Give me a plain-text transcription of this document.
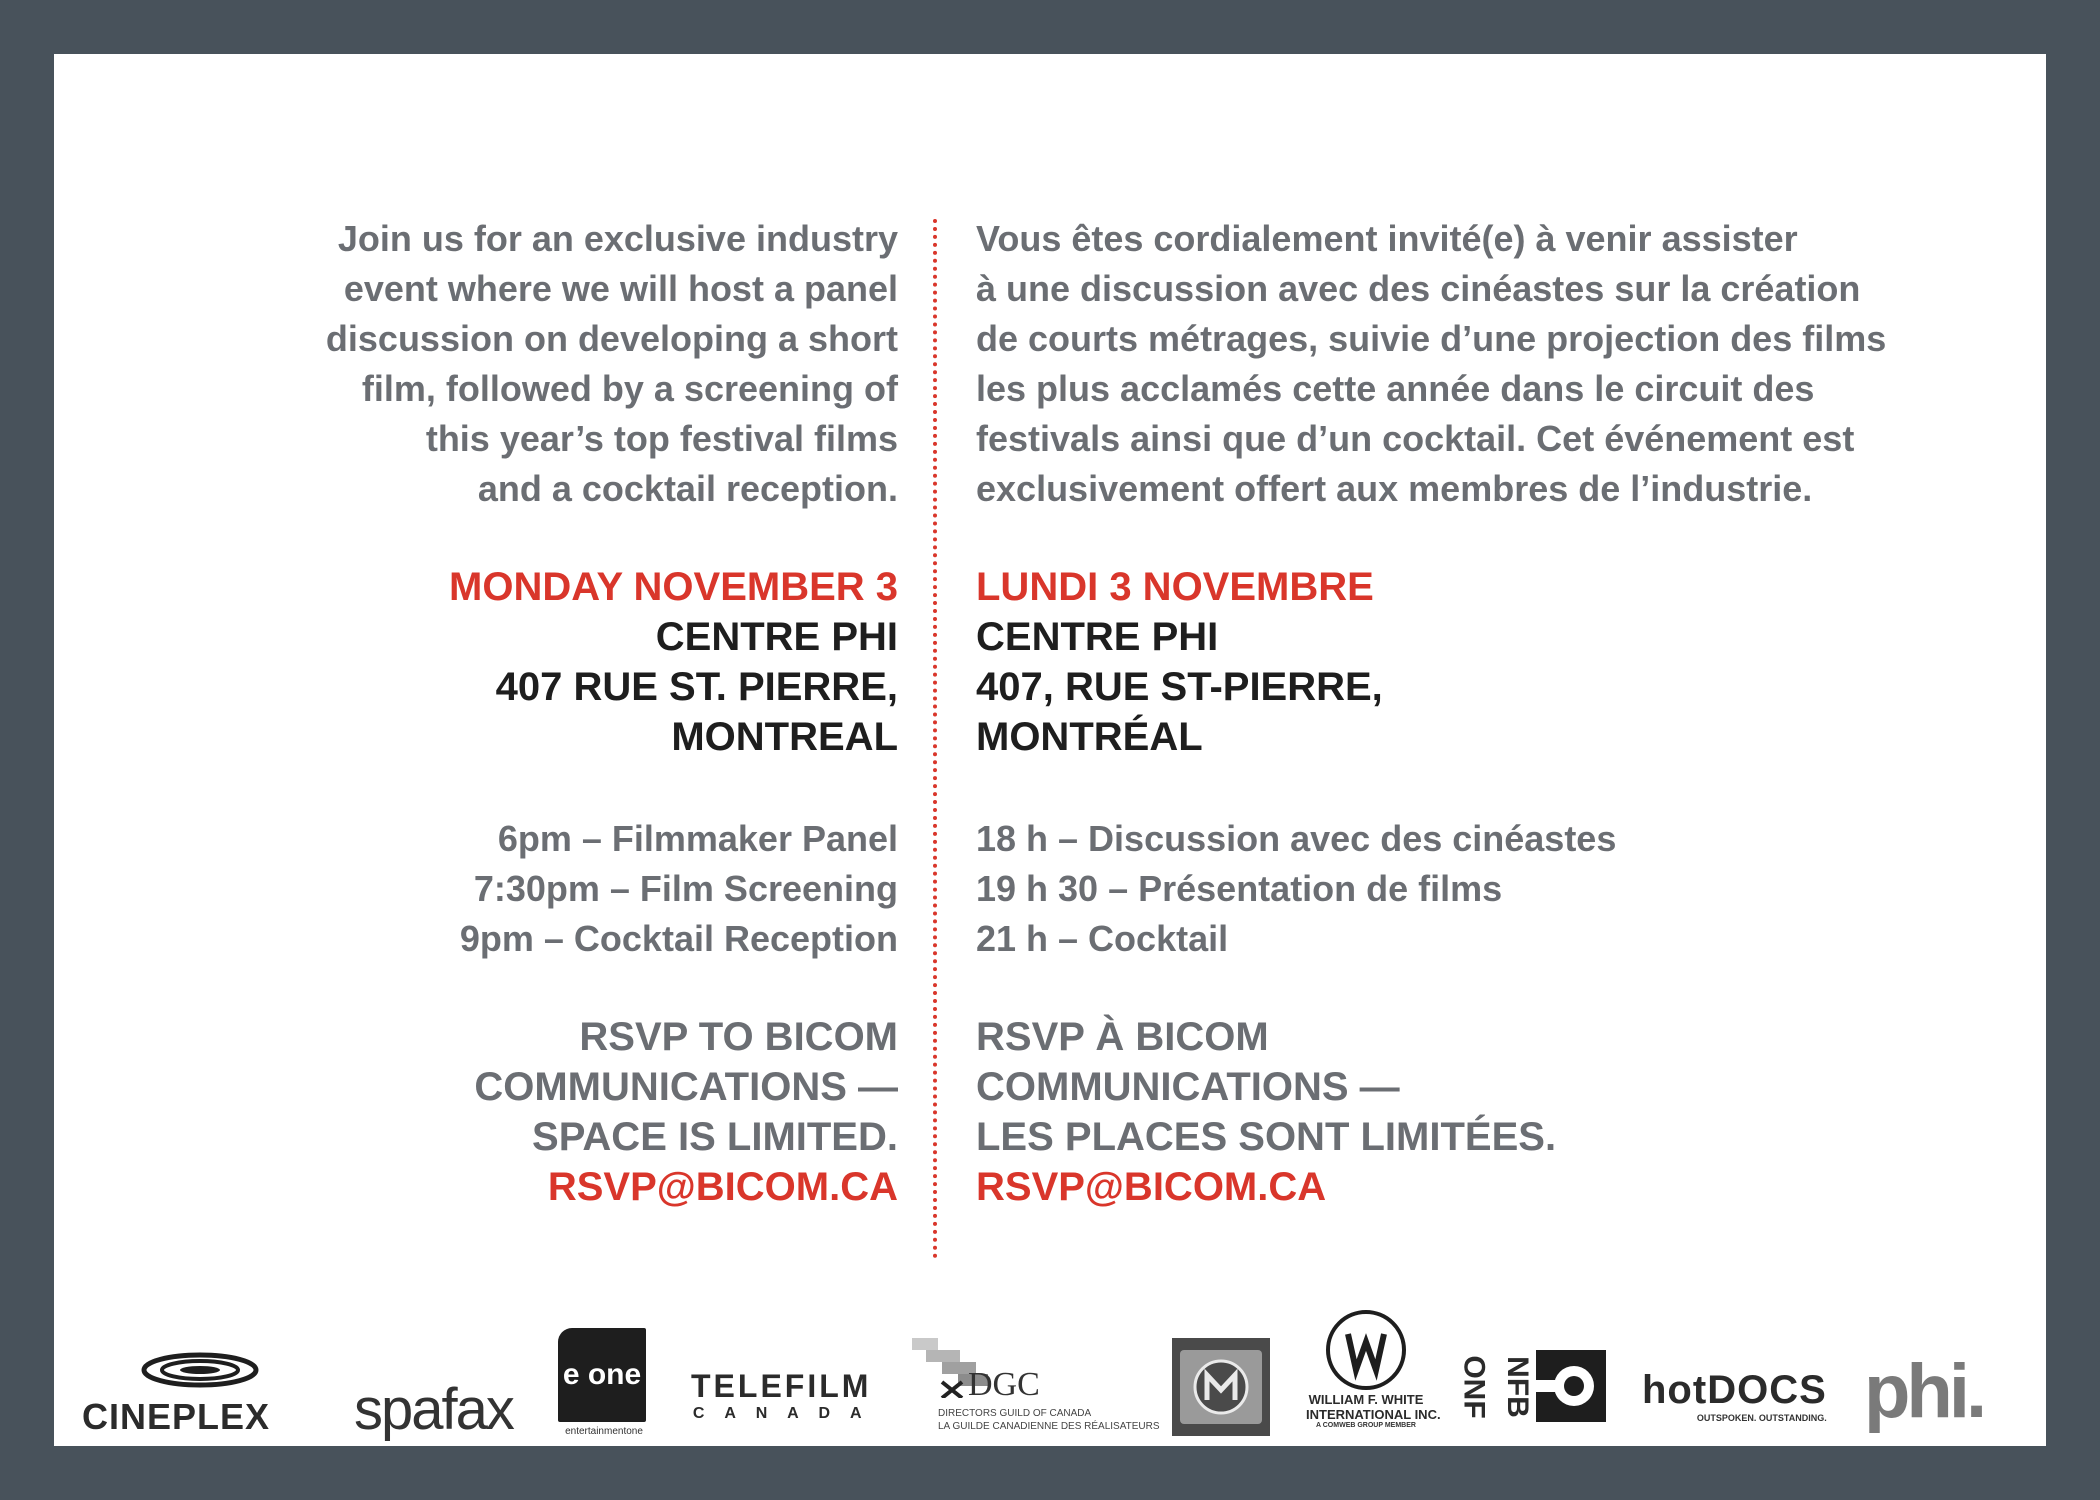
Join us for an exclusive industry
event where we will host a panel
discussion on developing a short
film, followed by a screening of
this year’s top festival films
and a cocktail reception.
MONDAY NOVEMBER 3
CENTRE PHI
407 RUE ST. PIERRE,
MONTREAL
6pm – Filmmaker Panel
7:30pm – Film Screening
9pm – Cocktail Reception
RSVP TO BICOM
COMMUNICATIONS —
SPACE IS LIMITED.
RSVP@BICOM.CA
Vous êtes cordialement invité(e) à venir assister
à une discussion avec des cinéastes sur la création
de courts métrages, suivie d’une projection des films
les plus acclamés cette année dans le circuit des
festivals ainsi que d’un cocktail. Cet événement est
exclusivement offert aux membres de l’industrie.
LUNDI 3 NOVEMBRE
CENTRE PHI
407, RUE ST-PIERRE,
MONTRÉAL
18 h – Discussion avec des cinéastes
19 h 30 – Présentation de films
21 h – Cocktail
RSVP À BICOM
COMMUNICATIONS —
LES PLACES SONT LIMITÉES.
RSVP@BICOM.CA
CINEPLEX	spafax
e one
entertainmentone
TELEFILM
C A N A D A
DGC
DIRECTORS GUILD OF CANADA
LA GUILDE CANADIENNE DES RÉALISATEURS
WILLIAM F. WHITE
INTERNATIONAL INC.
A COMWEB GROUP MEMBER
ONF NFB	hotDOCS
OUTSPOKEN. OUTSTANDING. phi.
